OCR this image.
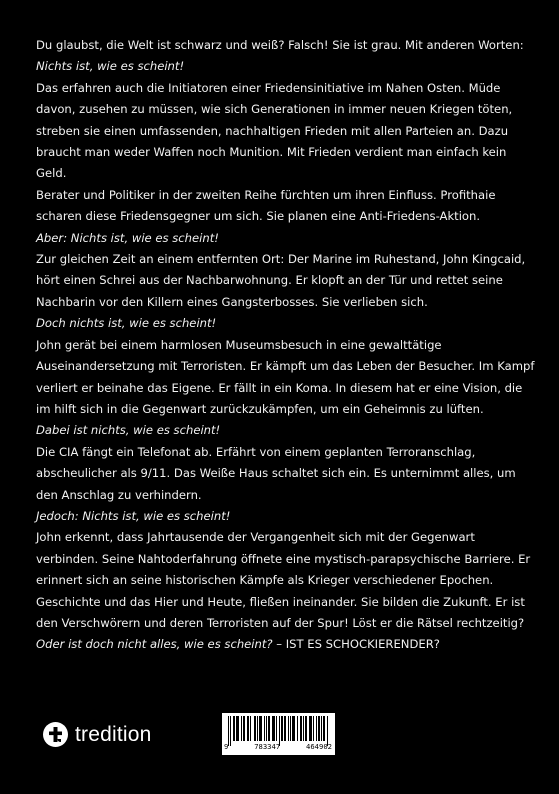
Du glaubst, die Welt ist schwarz und weiß? Falsch! Sie ist grau. Mit anderen Worten: Nichts ist, wie es scheint!

Das erfahren auch die Initiatoren einer Friedensinitiative im Nahen Osten. Müde davon, zusehen zu müssen, wie sich Generationen in immer neuen Kriegen töten, streben sie einen umfassenden, nachhaltigen Frieden mit allen Parteien an. Dazu braucht man weder Waffen noch Munition. Mit Frieden verdient man einfach kein Geld.

Berater und Politiker in der zweiten Reihe fürchten um ihren Einfluss. Profithaie scharen diese Friedensgegner um sich. Sie planen eine Anti-Friedens-Aktion.

Aber: Nichts ist, wie es scheint!

Zur gleichen Zeit an einem entfernten Ort: Der Marine im Ruhestand, John Kingcaid, hört einen Schrei aus der Nachbarwohnung. Er klopft an der Tür und rettet seine Nachbarin vor den Killern eines Gangsterbosses. Sie verlieben sich.

Doch nichts ist, wie es scheint!

John gerät bei einem harmlosen Museumsbesuch in eine gewalttätige Auseinandersetzung mit Terroristen. Er kämpft um das Leben der Besucher. Im Kampf verliert er beinahe das Eigene. Er fällt in ein Koma. In diesem hat er eine Vision, die im hilft sich in die Gegenwart zurückzukämpfen, um ein Geheimnis zu lüften.

Dabei ist nichts, wie es scheint!

Die CIA fängt ein Telefonat ab. Erfährt von einem geplanten Terroranschlag, abscheulicher als 9/11. Das Weiße Haus schaltet sich ein. Es unternimmt alles, um den Anschlag zu verhindern.

Jedoch: Nichts ist, wie es scheint!

John erkennt, dass Jahrtausende der Vergangenheit sich mit der Gegenwart verbinden. Seine Nahtoderfahrung öffnete eine mystisch-parapsychische Barriere. Er erinnert sich an seine historischen Kämpfe als Krieger verschiedener Epochen. Geschichte und das Hier und Heute, fließen ineinander. Sie bilden die Zukunft. Er ist den Verschwörern und deren Terroristen auf der Spur! Löst er die Rätsel rechtzeitig?

Oder ist doch nicht alles, wie es scheint? – IST ES SCHOCKIERENDER?

tredition
9	783347	464902
